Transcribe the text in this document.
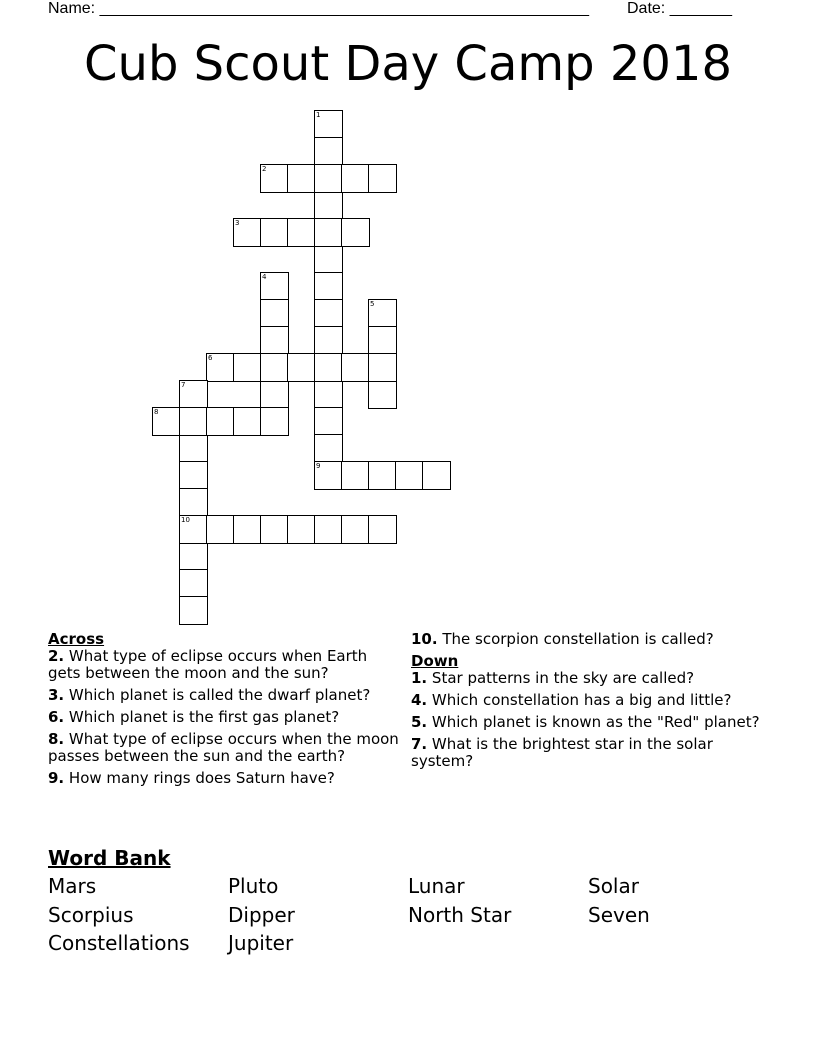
Name: _______________________________________________________ Date: _______
Cub Scout Day Camp 2018
1
2
3
4
5
6
7
8
9
10

Across

2. What type of eclipse occurs when Earth gets between the moon and the sun?

3. Which planet is called the dwarf planet?

6. Which planet is the first gas planet?

8. What type of eclipse occurs when the moon passes between the sun and the earth?

9. How many rings does Saturn have?

10. The scorpion constellation is called?

Down

1. Star patterns in the sky are called?

4. Which constellation has a big and little?

5. Which planet is known as the "Red" planet?

7. What is the brightest star in the solar system?

Word Bank
Mars	Pluto	Lunar	Solar
Scorpius	Dipper	North Star	Seven
Constellations Jupiter
